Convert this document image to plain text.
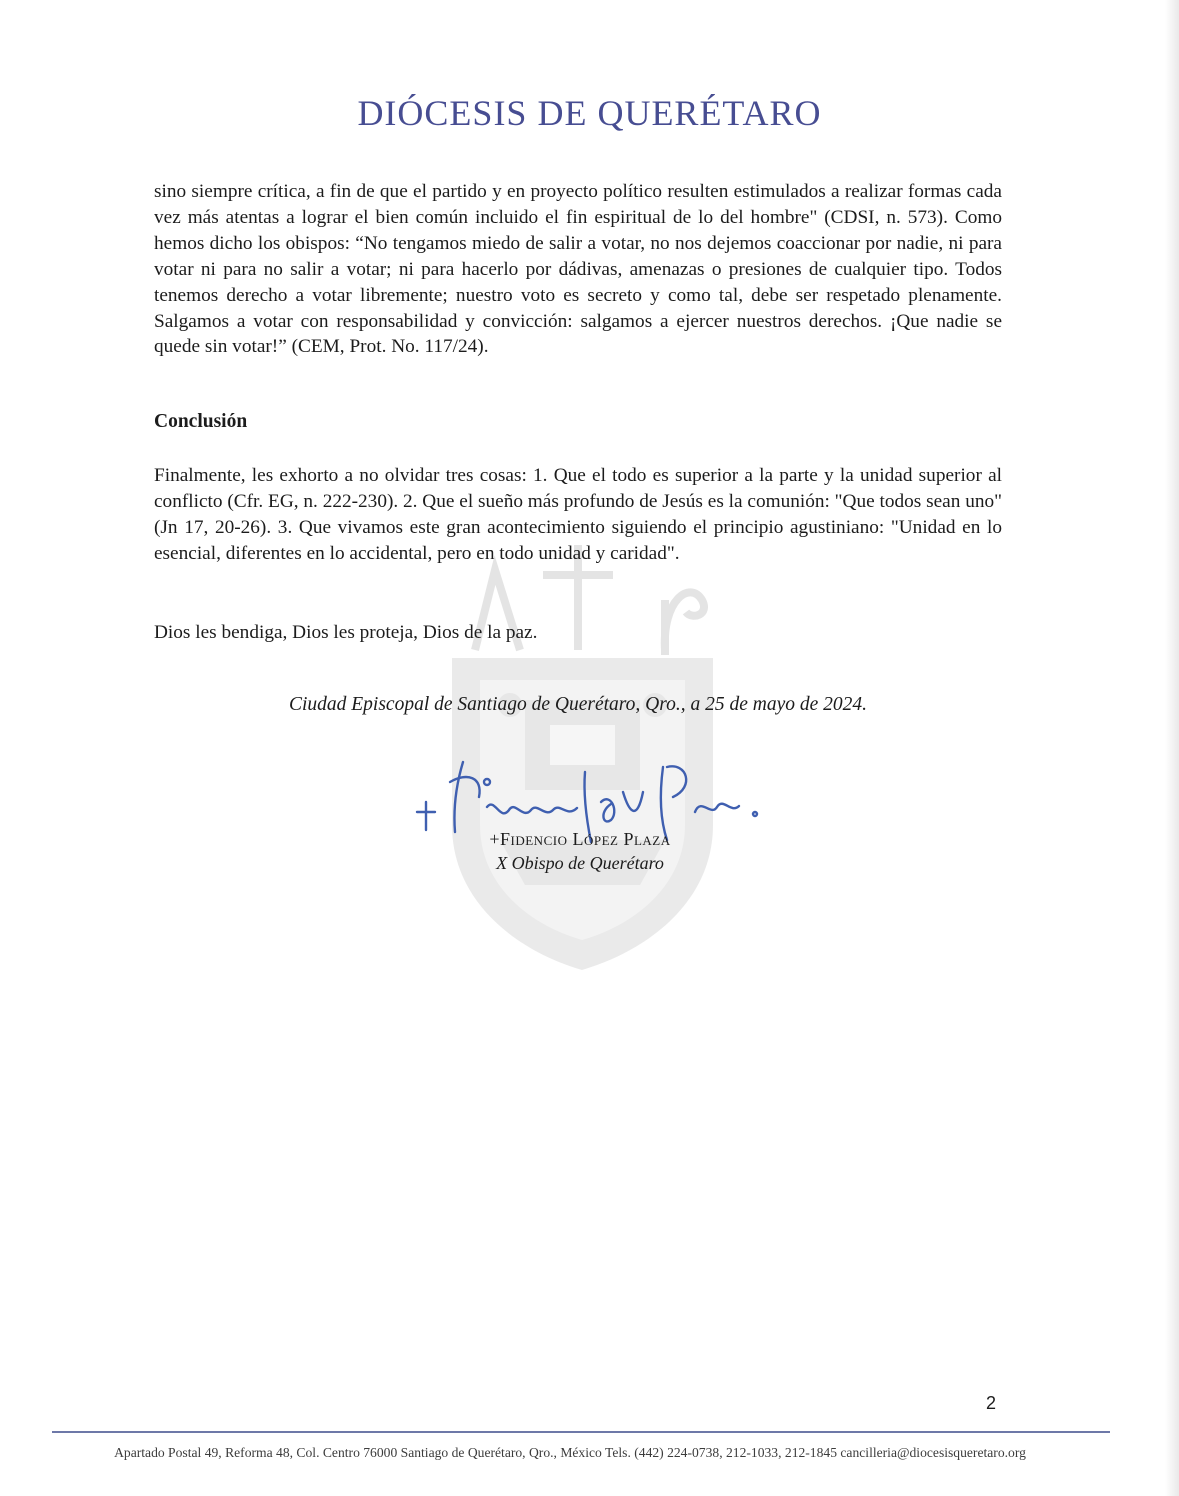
DIÓCESIS DE QUERÉTARO
sino siempre crítica, a fin de que el partido y en proyecto político resulten estimulados a realizar formas cada vez más atentas a lograr el bien común incluido el fin espiritual de lo del hombre" (CDSI, n. 573). Como hemos dicho los obispos: “No tengamos miedo de salir a votar, no nos dejemos coaccionar por nadie, ni para votar ni para no salir a votar; ni para hacerlo por dádivas, amenazas o presiones de cualquier tipo. Todos tenemos derecho a votar libremente; nuestro voto es secreto y como tal, debe ser respetado plenamente. Salgamos a votar con responsabilidad y convicción: salgamos a ejercer nuestros derechos. ¡Que nadie se quede sin votar!” (CEM, Prot. No. 117/24).
Conclusión
Finalmente, les exhorto a no olvidar tres cosas: 1. Que el todo es superior a la parte y la unidad superior al conflicto (Cfr. EG, n. 222-230). 2. Que el sueño más profundo de Jesús es la comunión: "Que todos sean uno" (Jn 17, 20-26). 3. Que vivamos este gran acontecimiento siguiendo el principio agustiniano: "Unidad en lo esencial, diferentes en lo accidental, pero en todo unidad y caridad".
Dios les bendiga, Dios les proteja, Dios de la paz.
Ciudad Episcopal de Santiago de Querétaro, Qro., a 25 de mayo de 2024.
+Fidencio López Plaza
X Obispo de Querétaro
2
Apartado Postal 49, Reforma 48, Col. Centro 76000 Santiago de Querétaro, Qro., México Tels. (442) 224-0738, 212-1033, 212-1845 cancilleria@diocesisqueretaro.org
